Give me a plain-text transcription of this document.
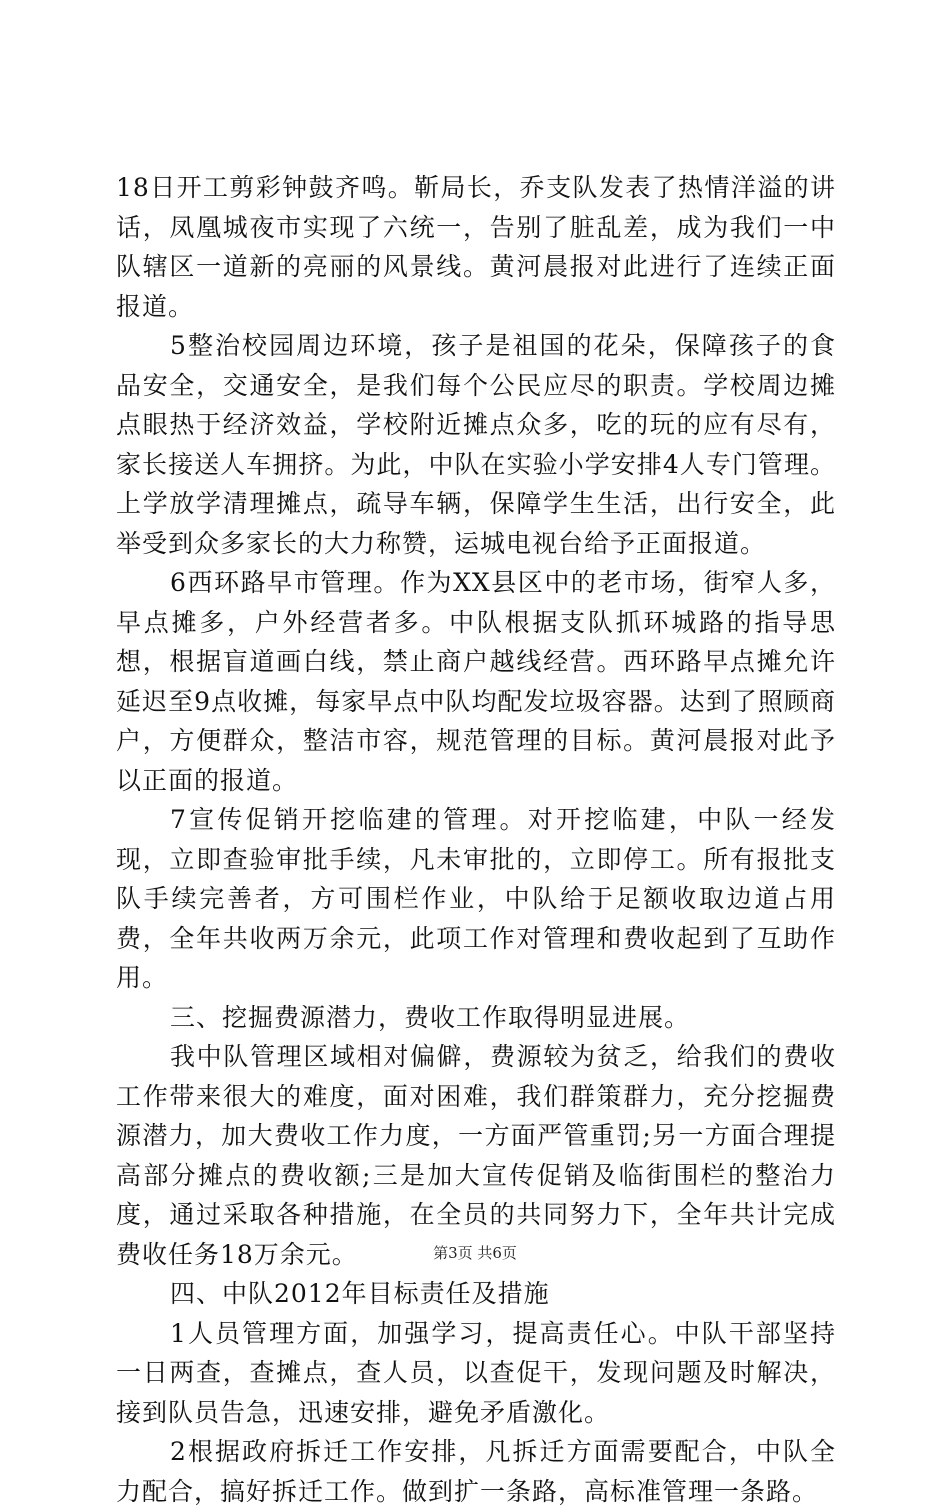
18日开工剪彩钟鼓齐鸣。靳局长，乔支队发表了热情洋溢的讲话，凤凰城夜市实现了六统一，告别了脏乱差，成为我们一中队辖区一道新的亮丽的风景线。黄河晨报对此进行了连续正面报道。

5整治校园周边环境，孩子是祖国的花朵，保障孩子的食品安全，交通安全，是我们每个公民应尽的职责。学校周边摊点眼热于经济效益，学校附近摊点众多，吃的玩的应有尽有，家长接送人车拥挤。为此，中队在实验小学安排4人专门管理。上学放学清理摊点，疏导车辆，保障学生生活，出行安全，此举受到众多家长的大力称赞，运城电视台给予正面报道。

6西环路早市管理。作为XX县区中的老市场，街窄人多，早点摊多，户外经营者多。中队根据支队抓环城路的指导思想，根据盲道画白线，禁止商户越线经营。西环路早点摊允许延迟至9点收摊，每家早点中队均配发垃圾容器。达到了照顾商户，方便群众，整洁市容，规范管理的目标。黄河晨报对此予以正面的报道。

7宣传促销开挖临建的管理。对开挖临建，中队一经发现，立即查验审批手续，凡未审批的，立即停工。所有报批支队手续完善者，方可围栏作业，中队给于足额收取边道占用费，全年共收两万余元，此项工作对管理和费收起到了互助作用。

三、挖掘费源潜力，费收工作取得明显进展。

我中队管理区域相对偏僻，费源较为贫乏，给我们的费收工作带来很大的难度，面对困难，我们群策群力，充分挖掘费源潜力，加大费收工作力度，一方面严管重罚;另一方面合理提高部分摊点的费收额;三是加大宣传促销及临街围栏的整治力度，通过采取各种措施，在全员的共同努力下，全年共计完成费收任务18万余元。

四、中队2012年目标责任及措施

1人员管理方面，加强学习，提高责任心。中队干部坚持一日两查，查摊点，查人员，以查促干，发现问题及时解决，接到队员告急，迅速安排，避免矛盾激化。

2根据政府拆迁工作安排，凡拆迁方面需要配合，中队全力配合，搞好拆迁工作。做到扩一条路，高标准管理一条路。

第3页 共6页
